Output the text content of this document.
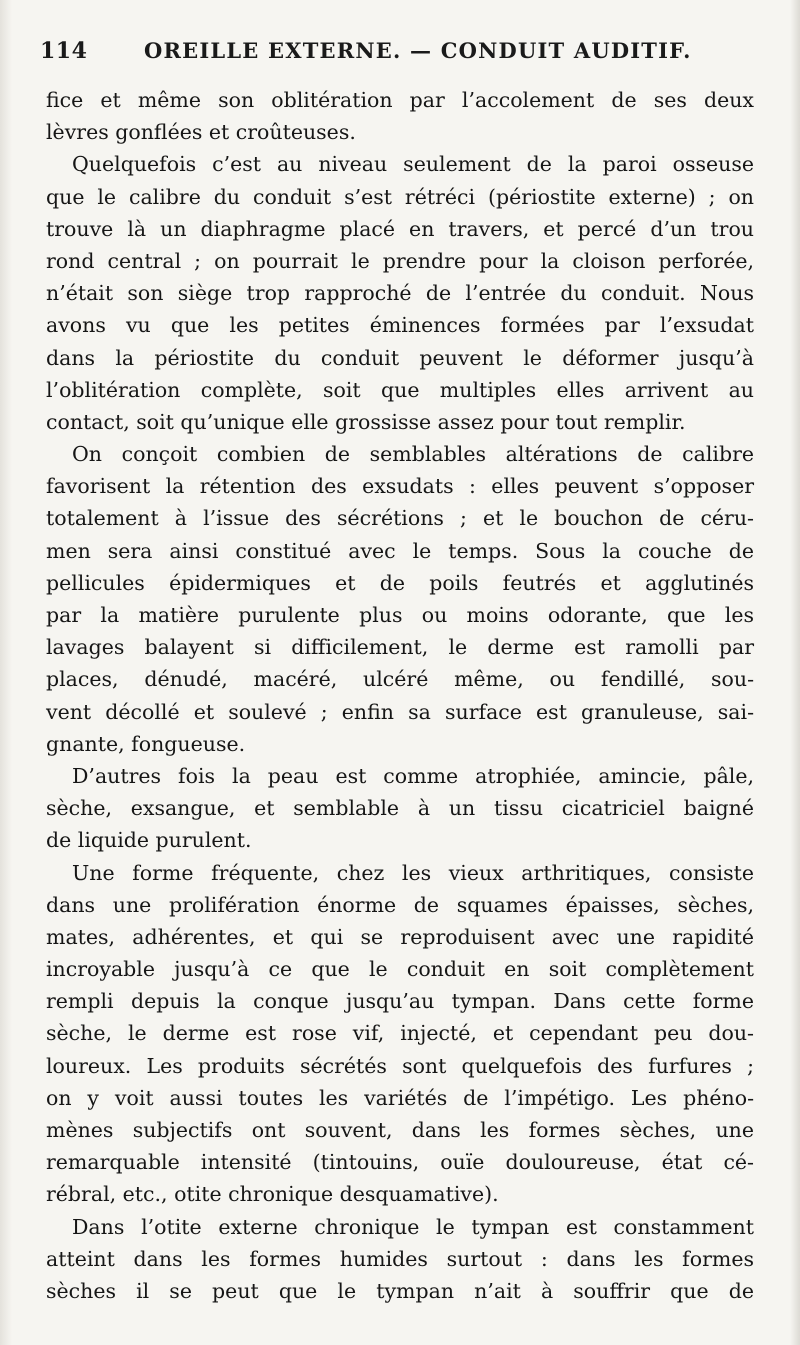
114	OREILLE EXTERNE. — CONDUIT AUDITIF.
fice et même son oblitération par l’accolement de ses deux
lèvres gonflées et croûteuses.
Quelquefois c’est au niveau seulement de la paroi osseuse
que le calibre du conduit s’est rétréci (périostite externe) ; on
trouve là un diaphragme placé en travers, et percé d’un trou
rond central ; on pourrait le prendre pour la cloison perforée,
n’était son siège trop rapproché de l’entrée du conduit. Nous
avons vu que les petites éminences formées par l’exsudat
dans la périostite du conduit peuvent le déformer jusqu’à
l’oblitération complète, soit que multiples elles arrivent au
contact, soit qu’unique elle grossisse assez pour tout remplir.
On conçoit combien de semblables altérations de calibre
favorisent la rétention des exsudats : elles peuvent s’opposer
totalement à l’issue des sécrétions ; et le bouchon de céru-
men sera ainsi constitué avec le temps. Sous la couche de
pellicules épidermiques et de poils feutrés et agglutinés
par la matière purulente plus ou moins odorante, que les
lavages balayent si difficilement, le derme est ramolli par
places, dénudé, macéré, ulcéré même, ou fendillé, sou-
vent décollé et soulevé ; enfin sa surface est granuleuse, sai-
gnante, fongueuse.
D’autres fois la peau est comme atrophiée, amincie, pâle,
sèche, exsangue, et semblable à un tissu cicatriciel baigné
de liquide purulent.
Une forme fréquente, chez les vieux arthritiques, consiste
dans une prolifération énorme de squames épaisses, sèches,
mates, adhérentes, et qui se reproduisent avec une rapidité
incroyable jusqu’à ce que le conduit en soit complètement
rempli depuis la conque jusqu’au tympan. Dans cette forme
sèche, le derme est rose vif, injecté, et cependant peu dou-
loureux. Les produits sécrétés sont quelquefois des furfures ;
on y voit aussi toutes les variétés de l’impétigo. Les phéno-
mènes subjectifs ont souvent, dans les formes sèches, une
remarquable intensité (tintouins, ouïe douloureuse, état cé-
rébral, etc., otite chronique desquamative).
Dans l’otite externe chronique le tympan est constamment
atteint dans les formes humides surtout : dans les formes
sèches il se peut que le tympan n’ait à souffrir que de
